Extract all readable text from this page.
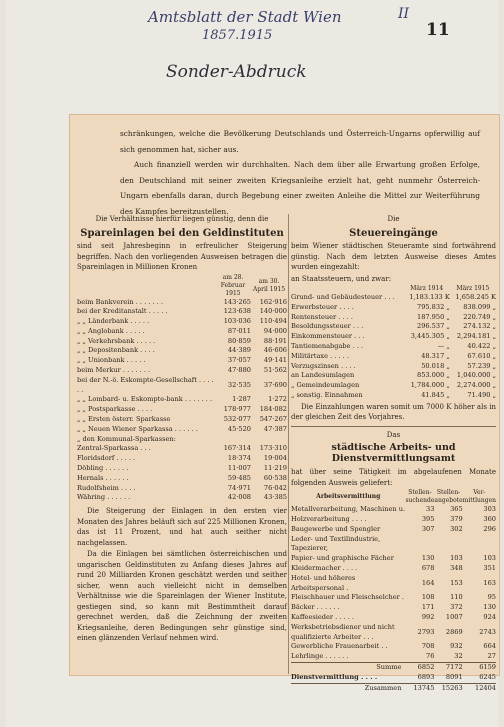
Amtsblatt der Stadt Wien
1857.1915
II
11
Sonder-Abdruck

schränkungen, welche die Bevölkerung Deutschlands und Österreich-Ungarns opferwillig auf sich genommen hat, sicher aus.

Auch finanziell werden wir durchhalten. Nach dem über alle Erwartung großen Erfolge, den Deutschland mit seiner zweiten Kriegsanleihe erzielt hat, geht nunmehr Österreich-Ungarn ebenfalls daran, durch Begebung einer zweiten Anleihe die Mittel zur Weiterführung des Kampfes bereitzustellen.

Die Verhältnisse hierfür liegen günstig, denn die
Spareinlagen bei den Geldinstituten
sind seit Jahresbeginn in erfreulicher Steigerung begriffen. Nach den vorliegenden Ausweisen betragen die Spareinlagen in Millionen Kronen
	am 28. Februar 1915	am 30. April 1915
beim Bankverein . . . . . . .	143·265	162·916
bei der Kreditanstalt . . . . .	123·638	140·000
„ „ Länderbank . . . . .	103·036	110·494
„ „ Anglobank . . . . .	87·011	94·000
„ „ Verkehrsbank . . . . .	80·859	88·191
„ „ Depositenbank . . . .	44·389	46·606
„ „ Unionbank . . . . .	37·057	49·141
beim Merkur . . . . . . .	47·880	51·562
bei der N.-ö. Eskompte-Gesellschaft . . . . . .	32·535	37·690
„ „ Lombard- u. Eskompte-bank . . . . . . .	1·287	1·272
„ „ Postsparkasse . . . .	178·977	184·082
„ „ Ersten österr. Sparkasse	532·077	547·267
„ „ Neuen Wiener Sparkassa . . . . . .	45·520	47·387
„ den Kommunal-Sparkassen:		
Zentral-Sparkassa . . .	167·314	173·310
Floridsdorf . . . . .	18·374	19·004
Döbling . . . . . .	11·007	11·219
Hernals . . . . . .	59·485	60·538
Rudolfsheim . . . .	74·971	76·042
Währing . . . . . .	42·008	43·385
Die Steigerung der Einlagen in den ersten vier Monaten des Jahres beläuft sich auf 225 Millionen Kronen, das ist 11 Prozent, und hat auch seither nicht nachgelassen.
Da die Einlagen bei sämtlichen österreichischen und ungarischen Geldinstituten zu Anfang dieses Jahres auf rund 20 Milliarden Kronen geschätzt werden und seither sicher, wenn auch vielleicht nicht in demselben Verhältnisse wie die Spareinlagen der Wiener Institute, gestiegen sind, so kann mit Bestimmtheit darauf gerechnet werden, daß die Zeichnung der zweiten Kriegsanleihe, deren Bedingungen sehr günstige sind, einen glänzenden Verlauf nehmen wird.
Die
Steuereingänge
beim Wiener städtischen Steueramte sind fortwährend günstig. Nach dem letzten Ausweise dieses Amtes wurden eingezahlt:
an Staatssteuern, und zwar:
	März 1914	März 1915
Grund- und Gebäudesteuer . . .	1,183.133 K	1,658.245 K
Erwerbsteuer . . . .	795.832 „	838.099 „
Rentensteuer . . . .	187.950 „	220.749 „
Besoldungssteuer . . .	296.537 „	274.132 „
Einkommensteuer . . .	3,445.305 „	2,294.181 „
Tantiemenabgabe . . .	— „	40.422 „
Militärtaxe . . . . .	48.317 „	67.610 „
Verzugszinsen . . . .	50.018 „	57.239 „
an Landesumlagen	853.000 „	1,040.000 „
„ Gemeindeumlagen	1,784.000 „	2,274.000 „
„ sonstig. Einnahmen	41.845 „	71.490 „
Die Einzahlungen waren somit um 7000 K höher als in der gleichen Zeit des Vorjahres.
Das
städtische Arbeits- und Dienstvermittlungsamt
hat über seine Tätigkeit im abgelaufenen Monate folgenden Ausweis geliefert:
Arbeitsvermittlung	Stellen-suchende	Stellen-angebote	Ver-mittlungen
Metallverarbeitung, Maschinen u.	33	365	303
Holzverarbeitung . . . .	395	379	360
Baugewerbe und Spengler	307	302	296
Leder- und Textilindustrie, Tapezierer,			
Papier- und graphische Fächer	130	103	103
Kleidermacher . . . .	678	348	351
Hotel- und höheres Arbeitspersonal .	164	153	163
Fleischhauer und Fleischselcher .	108	110	95
Bäcker . . . . . .	171	372	130
Kaffeesieder . . . . .	992	1007	924
Werksbetriebsdiener und nicht qualifizierte Arbeiter . . .	2793	2869	2743
Gewerbliche Frauenarbeit . .	708	932	664
Lehrlinge . . . . . .	76	32	27
Summe	6852	7172	6159
Dienstvermittlung . . . .	6893	8091	6245
Zusammen	13745	15263	12404
